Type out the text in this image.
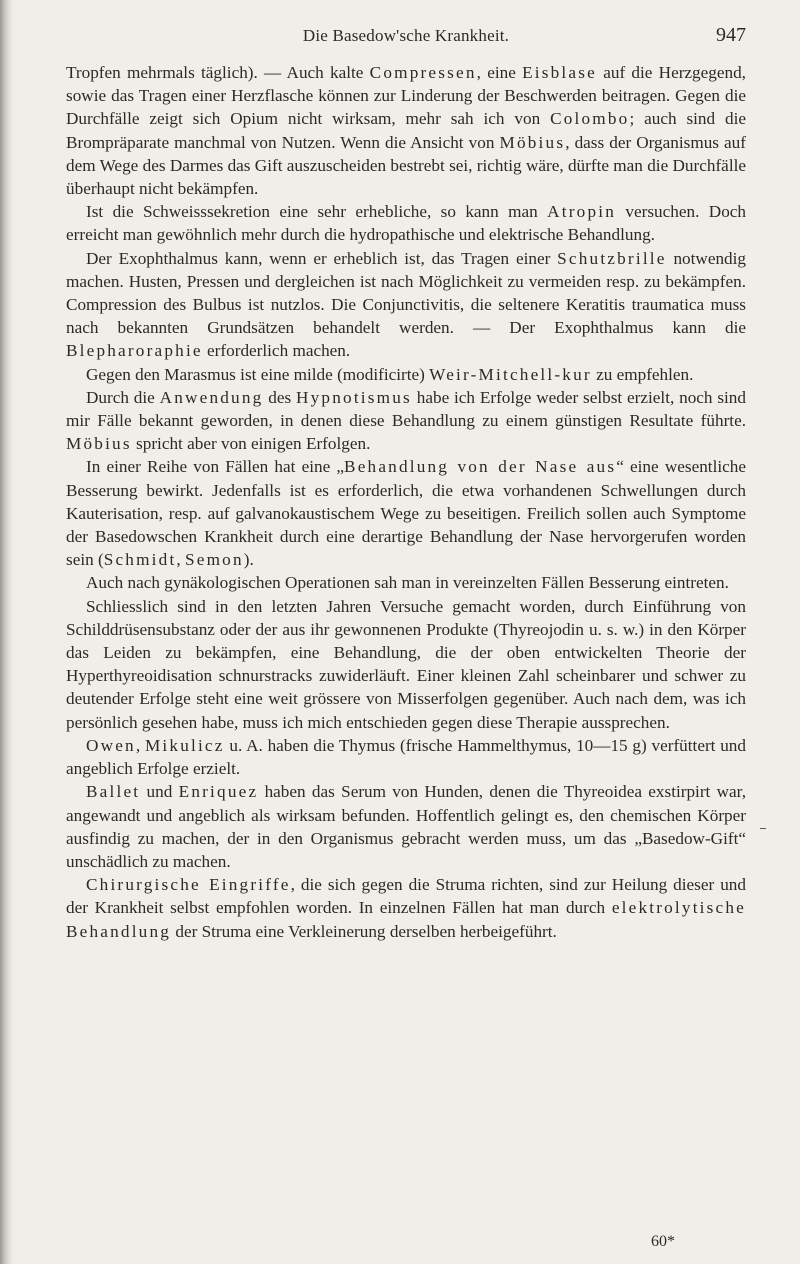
Die Basedow'sche Krankheit.	947

Tropfen mehrmals täglich). — Auch kalte Compressen, eine Eisblase auf die Herzgegend, sowie das Tragen einer Herzflasche können zur Linderung der Beschwerden beitragen. Gegen die Durchfälle zeigt sich Opium nicht wirksam, mehr sah ich von Colombo; auch sind die Brompräparate manchmal von Nutzen. Wenn die Ansicht von Möbius, dass der Organismus auf dem Wege des Darmes das Gift auszuscheiden bestrebt sei, richtig wäre, dürfte man die Durchfälle überhaupt nicht bekämpfen.

Ist die Schweisssekretion eine sehr erhebliche, so kann man Atropin versuchen. Doch erreicht man gewöhnlich mehr durch die hydropathische und elektrische Behandlung.

Der Exophthalmus kann, wenn er erheblich ist, das Tragen einer Schutzbrille notwendig machen. Husten, Pressen und dergleichen ist nach Möglichkeit zu vermeiden resp. zu bekämpfen. Compression des Bulbus ist nutzlos. Die Conjunctivitis, die seltenere Keratitis traumatica muss nach bekannten Grundsätzen behandelt werden. — Der Exophthalmus kann die Blepharoraphie erforderlich machen.

Gegen den Marasmus ist eine milde (modificirte) Weir-Mitchell-kur zu empfehlen.

Durch die Anwendung des Hypnotismus habe ich Erfolge weder selbst erzielt, noch sind mir Fälle bekannt geworden, in denen diese Behandlung zu einem günstigen Resultate führte. Möbius spricht aber von einigen Erfolgen.

In einer Reihe von Fällen hat eine „Behandlung von der Nase aus“ eine wesentliche Besserung bewirkt. Jedenfalls ist es erforderlich, die etwa vorhandenen Schwellungen durch Kauterisation, resp. auf galvanokaustischem Wege zu beseitigen. Freilich sollen auch Symptome der Basedowschen Krankheit durch eine derartige Behandlung der Nase hervorgerufen worden sein (Schmidt, Semon).

Auch nach gynäkologischen Operationen sah man in vereinzelten Fällen Besserung eintreten.

Schliesslich sind in den letzten Jahren Versuche gemacht worden, durch Einführung von Schilddrüsensubstanz oder der aus ihr gewonnenen Produkte (Thyreojodin u. s. w.) in den Körper das Leiden zu bekämpfen, eine Behandlung, die der oben entwickelten Theorie der Hyperthyreoidisation schnurstracks zuwiderläuft. Einer kleinen Zahl scheinbarer und schwer zu deutender Erfolge steht eine weit grössere von Misserfolgen gegenüber. Auch nach dem, was ich persönlich gesehen habe, muss ich mich entschieden gegen diese Therapie aussprechen.

Owen, Mikulicz u. A. haben die Thymus (frische Hammelthymus, 10—15 g) verfüttert und angeblich Erfolge erzielt.

Ballet und Enriquez haben das Serum von Hunden, denen die Thyreoidea exstirpirt war, angewandt und angeblich als wirksam befunden. Hoffentlich gelingt es, den chemischen Körper ausfindig zu machen, der in den Organismus gebracht werden muss, um das „Basedow-Gift“ unschädlich zu machen.

Chirurgische Eingriffe, die sich gegen die Struma richten, sind zur Heilung dieser und der Krankheit selbst empfohlen worden. In einzelnen Fällen hat man durch elektrolytische Behandlung der Struma eine Verkleinerung derselben herbeigeführt.

60*
